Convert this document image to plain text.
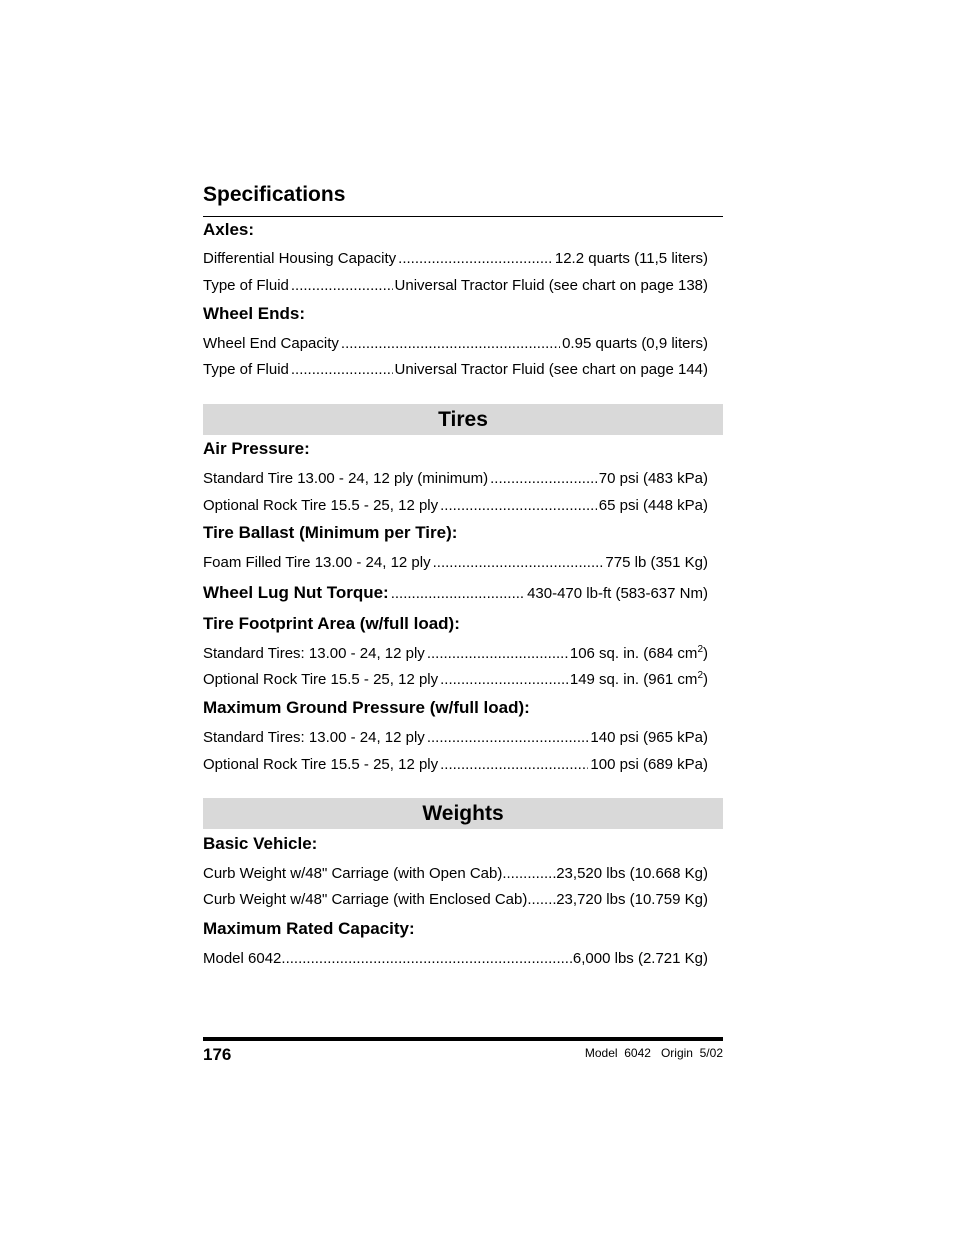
Specifications
Axles:
Differential Housing Capacity .....	12.2 quarts (11,5 liters)
Type of Fluid .....	Universal Tractor Fluid (see chart on page 138)
Wheel Ends:
Wheel End Capacity .....	0.95 quarts (0,9 liters)
Type of Fluid .....	Universal Tractor Fluid (see chart on page 144)
Tires
Air Pressure:
Standard Tire 13.00 - 24, 12 ply (minimum) .....	70 psi (483 kPa)
Optional Rock Tire 15.5 - 25, 12 ply .....	65 psi (448 kPa)
Tire Ballast (Minimum per Tire):
Foam Filled Tire 13.00 - 24, 12 ply .....	775 lb (351 Kg)
Wheel Lug Nut Torque: .....	430-470 lb-ft (583-637 Nm)
Tire Footprint Area (w/full load):
Standard Tires: 13.00 - 24, 12 ply .....	106 sq. in. (684 $cm^2$)
Optional Rock Tire 15.5 - 25, 12 ply .....	149 sq. in. (961 $cm^2$)
Maximum Ground Pressure (w/full load):
Standard Tires: 13.00 - 24, 12 ply .....	140 psi (965 kPa)
Optional Rock Tire 15.5 - 25, 12 ply .....	100 psi (689 kPa)
Weights
Basic Vehicle:
Curb Weight w/48" Carriage (with Open Cab) .....	23,520 lbs (10.668 Kg)
Curb Weight w/48" Carriage (with Enclosed Cab) ..... 23,720 lbs (10.759 Kg)
Maximum Rated Capacity:
Model 6042 .....	6,000 lbs (2.721 Kg)
176	Model  6042 Origin  5/02
